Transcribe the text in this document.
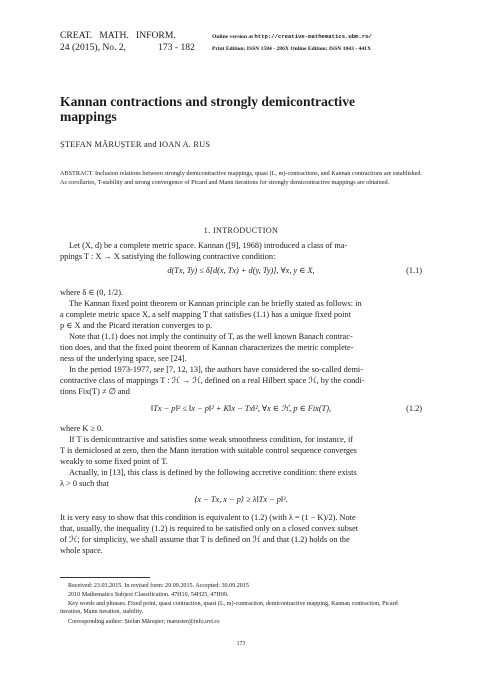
CREAT.   MATH.   INFORM.
24 (2015), No. 2,	173 - 182
Online version at http://creative-mathematics.ubm.ro/
Print Edition: ISSN 1584 - 286X Online Edition: ISSN 1843 - 441X
Kannan contractions and strongly demicontractive mappings
ȘTEFAN MĂRUȘTER and IOAN A. RUS
ABSTRACT. Inclusion relations between strongly demicontractive mappings, quasi (L, m)-contractions, and Kannan contractions are established. As corollaries, T-stability and strong convergence of Picard and Mann iterations for strongly demicontractive mappings are obtained.
1. INTRODUCTION
Let (X, d) be a complete metric space. Kannan ([9], 1968) introduced a class of ma-
ppings T : X → X satisfying the following contractive condition:
d(Tx, Ty) ≤ δ[d(x, Tx) + d(y, Ty)], ∀x, y ∈ X,	(1.1)
where δ ∈ (0, 1/2).
The Kannan fixed point theorem or Kannan principle can be briefly stated as follows: in
a complete metric space X, a self mapping T that satisfies (1.1) has a unique fixed point
p ∈ X and the Picard iteration converges to p.
Note that (1.1) does not imply the continuity of T, as the well known Banach contrac-
tion does, and that the fixed point theorem of Kannan characterizes the metric complete-
ness of the underlying space, see [24].
In the period 1973-1977, see [7, 12, 13], the authors have considered the so-called demi-
contractive class of mappings T : ℋ → ℋ, defined on a real Hilbert space ℋ, by the condi-
tions Fix(T) ≠ ∅ and
‖Tx − p‖² ≤ ‖x − p‖² + K‖x − Tx‖², ∀x ∈ ℋ, p ∈ Fix(T),	(1.2)
where K ≥ 0.
If T is demicontractive and satisfies some weak smoothness condition, for instance, if
T is demiclosed at zero, then the Mann iteration with suitable control sequence converges
weakly to some fixed point of T.
Actually, in [13], this class is defined by the following accretive condition: there exists
λ > 0 such that
⟨x − Tx, x − p⟩ ≥ λ‖Tx − p‖².
It is very easy to show that this condition is equivalent to (1.2) (with λ = (1 − K)/2). Note
that, usually, the inequality (1.2) is required to be satisfied only on a closed convex subset
of ℋ; for simplicity, we shall assume that T is defined on ℋ and that (1.2) holds on the
whole space.
Received: 23.03.2015. In revised form: 29.09.2015. Accepted: 30.09.2015
2010 Mathematics Subject Classification. 47H10, 54H25, 47H09.
Key words and phrases. Fixed point, quasi contraction, quasi (L, m)-contraction, demicontractive mapping, Kannan contraction, Picard iteration, Mann iteration, stability.
Corresponding author: Ștefan Măruşter; maruster@info.uvt.ro
173
